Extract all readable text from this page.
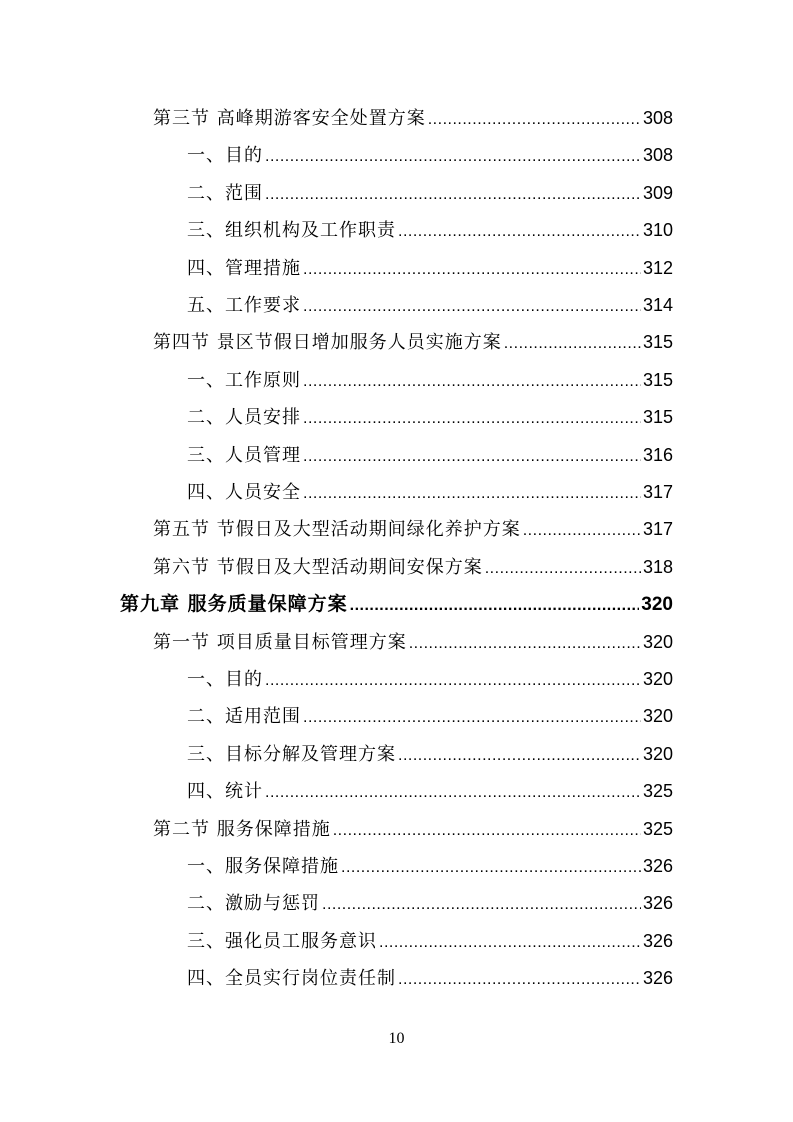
第三节 高峰期游客安全处置方案 .....	308
一、目的 .....	308
二、范围 .....	309
三、组织机构及工作职责 .....	310
四、管理措施 .....	312
五、工作要求 .....	314
第四节 景区节假日增加服务人员实施方案 .....	315
一、工作原则 .....	315
二、人员安排 .....	315
三、人员管理 .....	316
四、人员安全 .....	317
第五节 节假日及大型活动期间绿化养护方案 .....	317
第六节 节假日及大型活动期间安保方案 .....	318
第九章 服务质量保障方案 .....	320
第一节 项目质量目标管理方案 .....	320
一、目的 .....	320
二、适用范围 .....	320
三、目标分解及管理方案 .....	320
四、统计 .....	325
第二节 服务保障措施 .....	325
一、服务保障措施 .....	326
二、激励与惩罚 .....	326
三、强化员工服务意识 .....	326
四、全员实行岗位责任制 .....	326
10
